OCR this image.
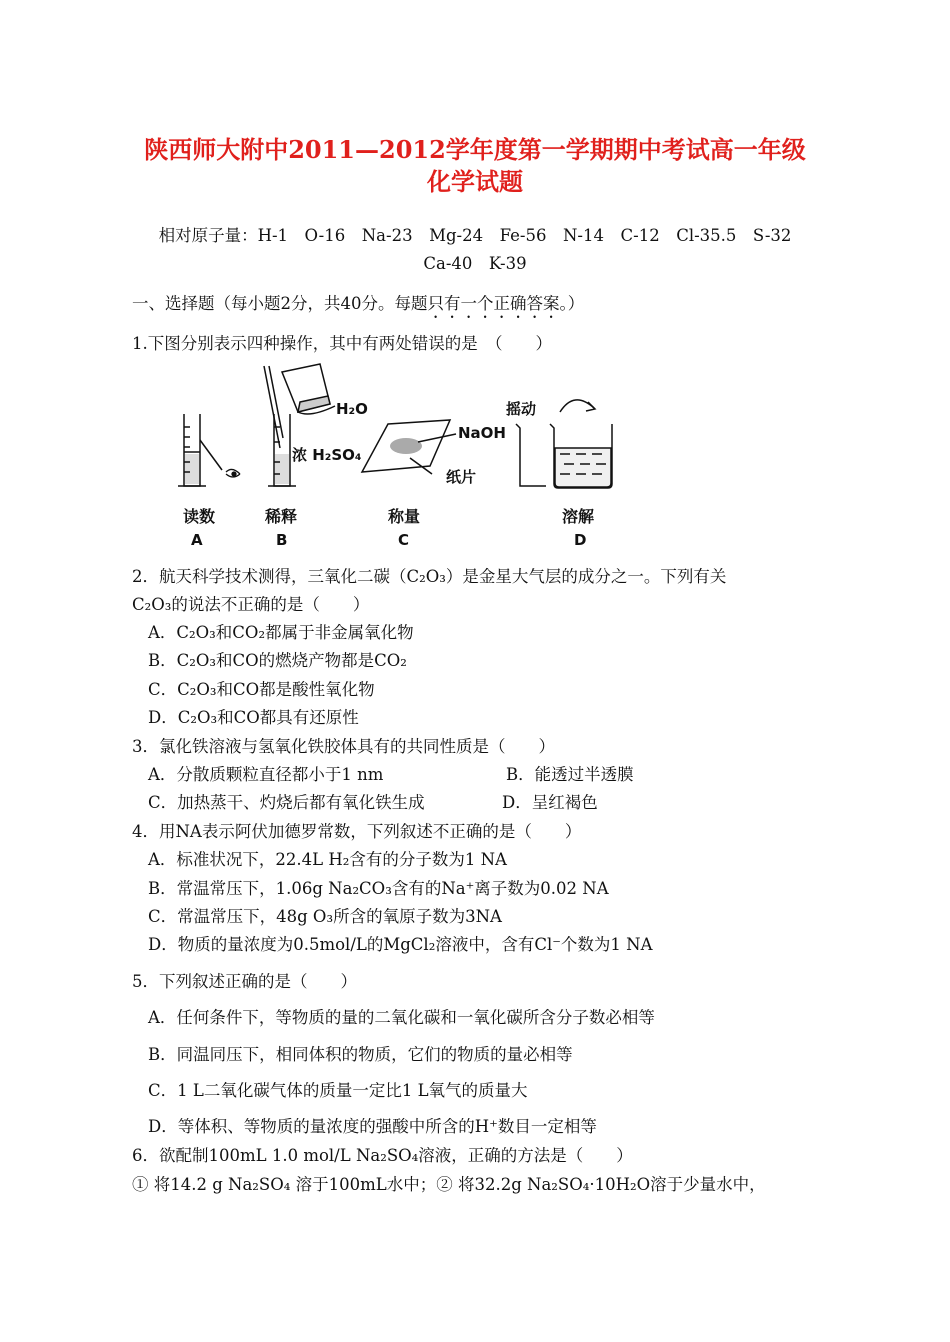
陕西师大附中2011—2012学年度第一学期期中考试高一年级
化学试题
相对原子量：H-1　O-16　Na-23　Mg-24　Fe-56　N-14　C-12　Cl-35.5　S-32
Ca-40　K-39
一、选择题（每小题2分，共40分。每题只有一个正确答案。）
1.下图分别表示四种操作，其中有两处错误的是　（　　）
H₂O
浓 H₂SO₄
NaOH
纸片
摇动
读数	稀释	称量	溶解
A	B	C	D
2．航天科学技术测得，三氧化二碳（C₂O₃）是金星大气层的成分之一。下列有关
C₂O₃的说法不正确的是（　　）
A．C₂O₃和CO₂都属于非金属氧化物
B．C₂O₃和CO的燃烧产物都是CO₂
C．C₂O₃和CO都是酸性氧化物
D．C₂O₃和CO都具有还原性
3．氯化铁溶液与氢氧化铁胶体具有的共同性质是（　　）
A．分散质颗粒直径都小于1 nm	B．能透过半透膜
C．加热蒸干、灼烧后都有氧化铁生成	D．呈红褐色
4．用NA表示阿伏加德罗常数，下列叙述不正确的是（　　）
A．标准状况下，22.4L H₂含有的分子数为1 NA
B．常温常压下，1.06g Na₂CO₃含有的Na⁺离子数为0.02 NA
C．常温常压下，48g O₃所含的氧原子数为3NA
D．物质的量浓度为0.5mol/L的MgCl₂溶液中，含有Cl⁻个数为1 NA
5．下列叙述正确的是（　　）
A．任何条件下，等物质的量的二氧化碳和一氧化碳所含分子数必相等
B．同温同压下，相同体积的物质，它们的物质的量必相等
C．1 L二氧化碳气体的质量一定比1 L氧气的质量大
D．等体积、等物质的量浓度的强酸中所含的H⁺数目一定相等
6．欲配制100mL 1.0 mol/L Na₂SO₄溶液，正确的方法是（　　）
① 将14.2 g Na₂SO₄ 溶于100mL水中；② 将32.2g Na₂SO₄·10H₂O溶于少量水中，
